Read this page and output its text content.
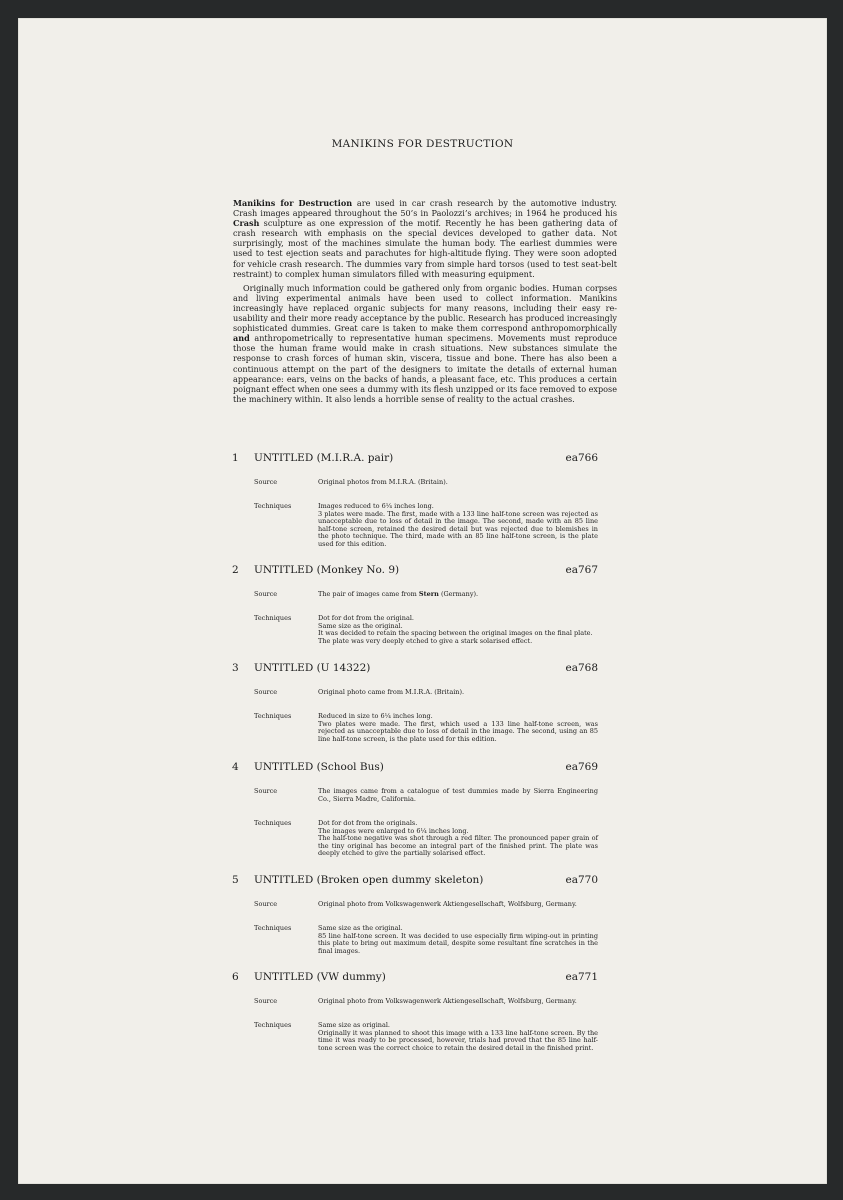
MANIKINS FOR DESTRUCTION

Manikins for Destruction are used in car crash research by the automotive industry. Crash images appeared throughout the 50’s in Paolozzi’s archives; in 1964 he produced his Crash sculpture as one expression of the motif. Recently he has been gathering data of crash research with emphasis on the special devices developed to gather data. Not surprisingly, most of the machines simulate the human body. The earliest dummies were used to test ejection seats and parachutes for high-altitude flying. They were soon adopted for vehicle crash research. The dummies vary from simple hard torsos (used to test seat-belt restraint) to complex human simulators filled with measuring equipment.

Originally much information could be gathered only from organic bodies. Human corpses and living experimental animals have been used to collect information. Manikins increasingly have replaced organic subjects for many reasons, including their easy re-usability and their more ready acceptance by the public. Research has produced increasingly sophisticated dummies. Great care is taken to make them correspond anthropomorphically and anthropometrically to representative human specimens. Movements must reproduce those the human frame would make in crash situations. New substances simulate the response to crash forces of human skin, viscera, tissue and bone. There has also been a continuous attempt on the part of the designers to imitate the details of external human appearance: ears, veins on the backs of hands, a pleasant face, etc. This produces a certain poignant effect when one sees a dummy with its flesh unzipped or its face removed to expose the machinery within. It also lends a horrible sense of reality to the actual crashes.

1 UNTITLED (M.I.R.A. pair)	ea766
Source	Original photos from M.I.R.A. (Britain).

Techniques	Images reduced to 6¼ inches long.

3 plates were made. The first, made with a 133 line half-tone screen was rejected as unacceptable due to loss of detail in the image. The second, made with an 85 line half-tone screen, retained the desired detail but was rejected due to blemishes in the photo technique. The third, made with an 85 line half-tone screen, is the plate used for this edition.

2 UNTITLED (Monkey No. 9)	ea767
Source	The pair of images came from Stern (Germany).

Techniques	Dot for dot from the original.

Same size as the original.

It was decided to retain the spacing between the original images on the final plate.

The plate was very deeply etched to give a stark solarised effect.

3 UNTITLED (U 14322)	ea768
Source	Original photo came from M.I.R.A. (Britain).

Techniques	Reduced in size to 6¼ inches long.

Two plates were made. The first, which used a 133 line half-tone screen, was rejected as unacceptable due to loss of detail in the image. The second, using an 85 line half-tone screen, is the plate used for this edition.

4 UNTITLED (School Bus)	ea769
Source	The images came from a catalogue of test dummies made by Sierra Engineering Co., Sierra Madre, California.

Techniques	Dot for dot from the originals.

The images were enlarged to 6¼ inches long.

The half-tone negative was shot through a red filter. The pronounced paper grain of the tiny original has become an integral part of the finished print. The plate was deeply etched to give the partially solarised effect.

5 UNTITLED (Broken open dummy skeleton)	ea770
Source	Original photo from Volkswagenwerk Aktiengesellschaft, Wolfsburg, Germany.

Techniques	Same size as the original.

85 line half-tone screen. It was decided to use especially firm wiping-out in printing this plate to bring out maximum detail, despite some resultant fine scratches in the final images.

6 UNTITLED (VW dummy)	ea771
Source	Original photo from Volkswagenwerk Aktiengesellschaft, Wolfsburg, Germany.

Techniques	Same size as original.

Originally it was planned to shoot this image with a 133 line half-tone screen. By the time it was ready to be processed, however, trials had proved that the 85 line half-tone screen was the correct choice to retain the desired detail in the finished print.
